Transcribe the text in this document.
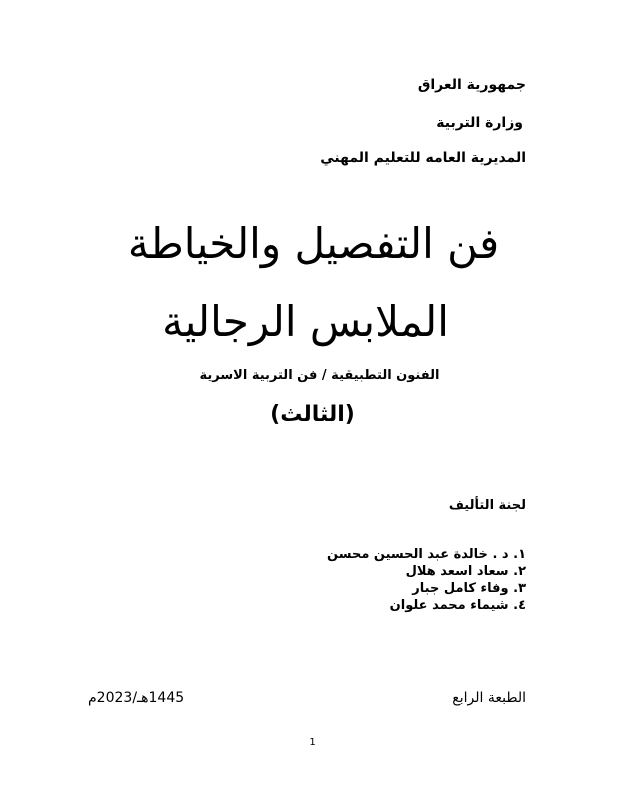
جمهورية العراق
وزارة التربية
المديرية العامه للتعليم المهني
فن التفصيل والخياطة
الملابس الرجالية
الفنون التطبيقية / فن التربية الاسرية
(الثالث)
لجنة التأليف
١. د . خالدة عبد الحسين محسن
٢. سعاد اسعد هلال
٣. وفاء كامل جبار
٤. شيماء محمد علوان
الطبعة الرابع
1445هـ/2023م
1
